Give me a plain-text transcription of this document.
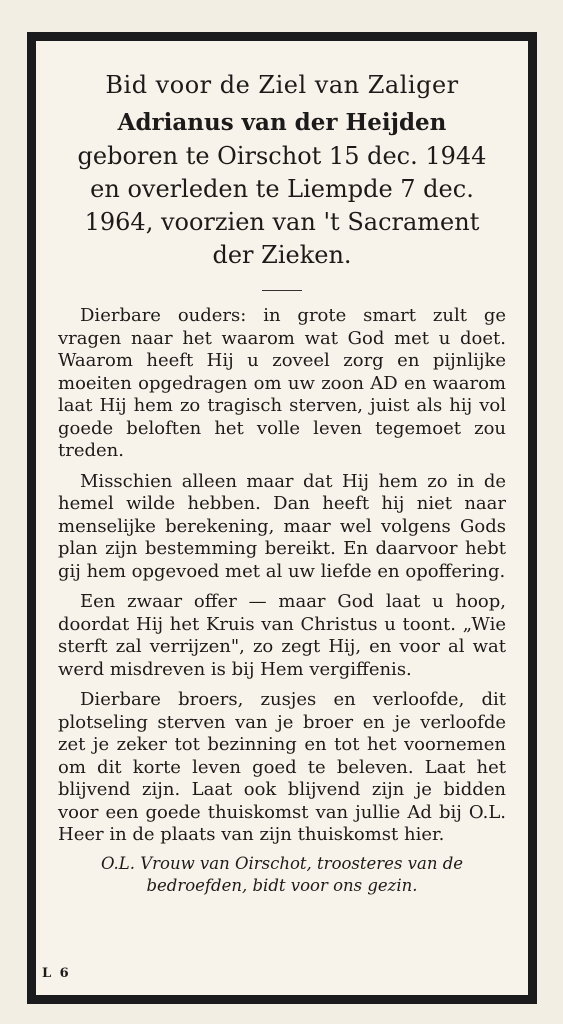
Bid voor de Ziel van Zaliger

Adrianus van der Heijden

geboren te Oirschot 15 dec. 1944

en overleden te Liempde 7 dec.

1964, voorzien van 't Sacrament

der Zieken.

Dierbare ouders: in grote smart zult ge vragen naar het waarom wat God met u doet. Waarom heeft Hij u zoveel zorg en pijnlijke moeiten opgedragen om uw zoon AD en waarom laat Hij hem zo tragisch sterven, juist als hij vol goede beloften het volle leven tegemoet zou treden.

Misschien alleen maar dat Hij hem zo in de hemel wilde hebben. Dan heeft hij niet naar menselijke berekening, maar wel volgens Gods plan zijn bestemming bereikt. En daarvoor hebt gij hem opgevoed met al uw liefde en opoffering.

Een zwaar offer — maar God laat u hoop, doordat Hij het Kruis van Christus u toont. „Wie sterft zal verrijzen", zo zegt Hij, en voor al wat werd misdreven is bij Hem vergiffenis.

Dierbare broers, zusjes en verloofde, dit plotseling sterven van je broer en je verloofde zet je zeker tot bezinning en tot het voornemen om dit korte leven goed te beleven. Laat het blijvend zijn. Laat ook blijvend zijn je bidden voor een goede thuiskomst van jullie Ad bij O.L. Heer in de plaats van zijn thuiskomst hier.

O.L. Vrouw van Oirschot, troosteres van de
bedroefden, bidt voor ons gezin.

L 6
